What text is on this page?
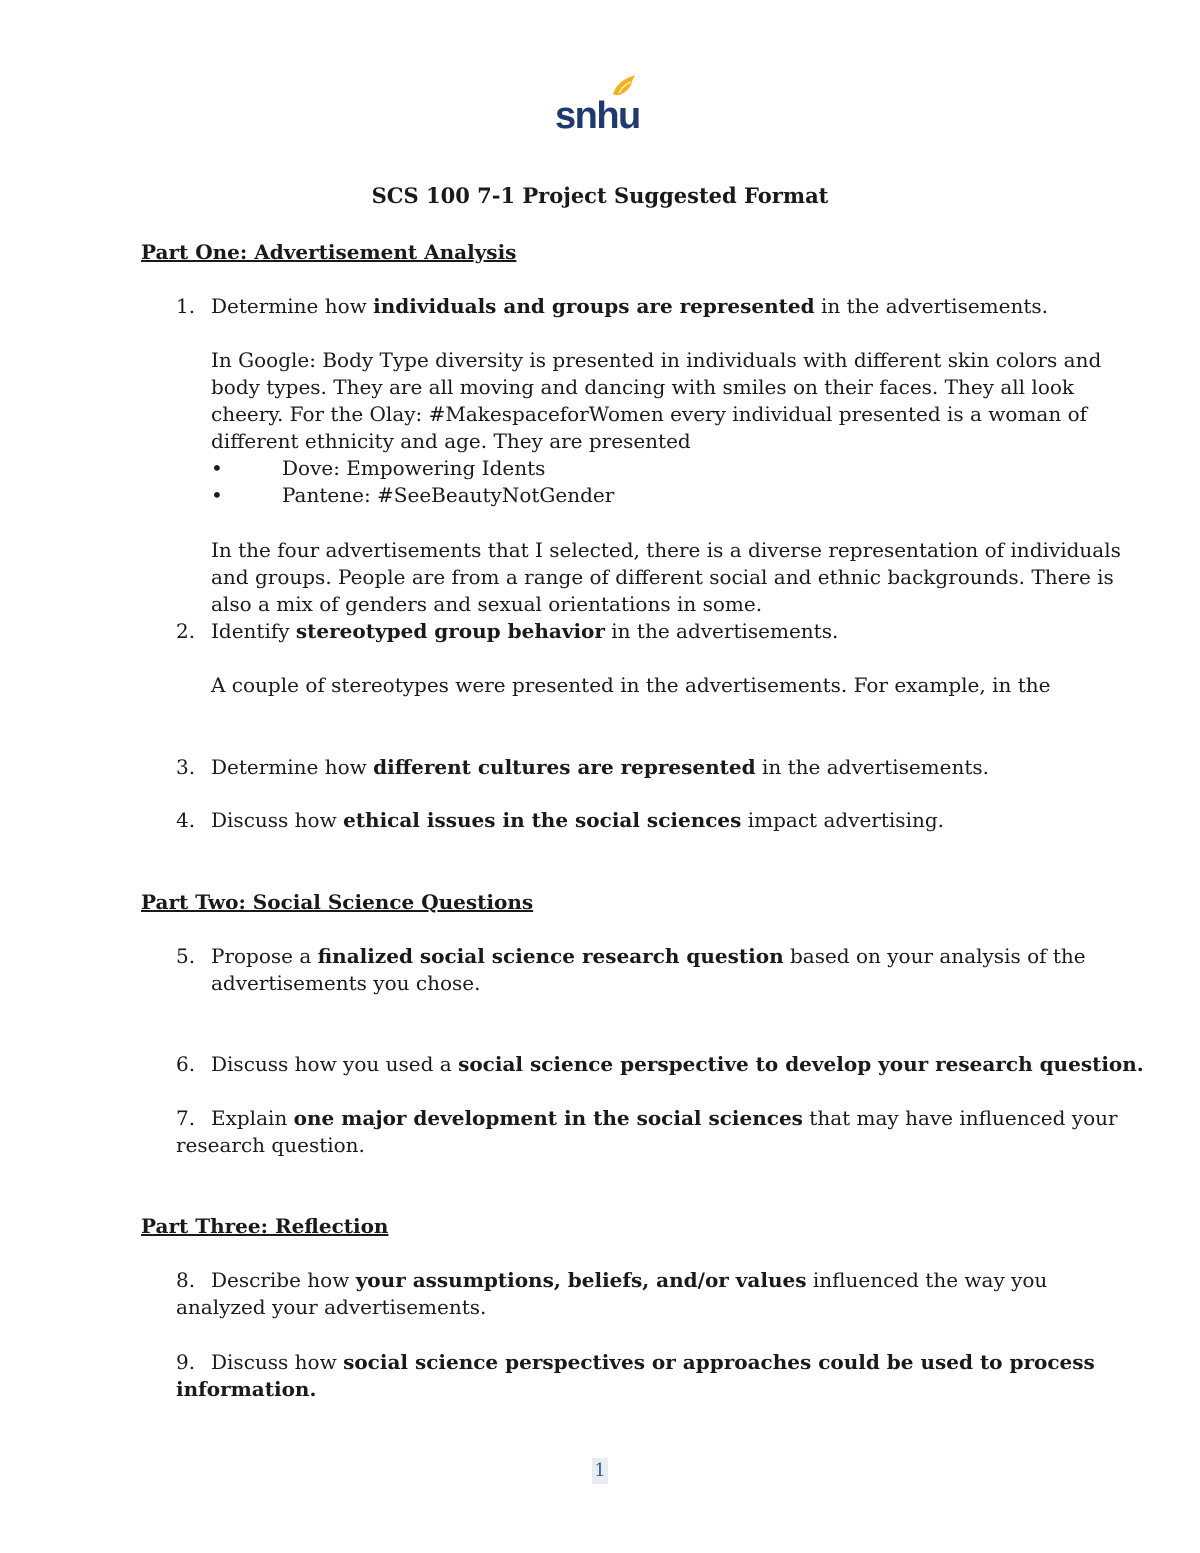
snhu
SCS 100 7-1 Project Suggested Format
Part One: Advertisement Analysis
1. Determine how individuals and groups are represented in the advertisements.
In Google: Body Type diversity is presented in individuals with different skin colors and
body types. They are all moving and dancing with smiles on their faces. They all look
cheery. For the Olay: #MakespaceforWomen every individual presented is a woman of
different ethnicity and age. They are presented
•	Dove: Empowering Idents
•	Pantene: #SeeBeautyNotGender
In the four advertisements that I selected, there is a diverse representation of individuals
and groups. People are from a range of different social and ethnic backgrounds. There is
also a mix of genders and sexual orientations in some.
2. Identify stereotyped group behavior in the advertisements.
A couple of stereotypes were presented in the advertisements. For example, in the
3. Determine how different cultures are represented in the advertisements.
4. Discuss how ethical issues in the social sciences impact advertising.
Part Two: Social Science Questions
5. Propose a finalized social science research question based on your analysis of the
advertisements you chose.
6. Discuss how you used a social science perspective to develop your research question.
7. Explain one major development in the social sciences that may have influenced your
research question.
Part Three: Reflection
8. Describe how your assumptions, beliefs, and/or values influenced the way you
analyzed your advertisements.
9. Discuss how social science perspectives or approaches could be used to process
information.
1
